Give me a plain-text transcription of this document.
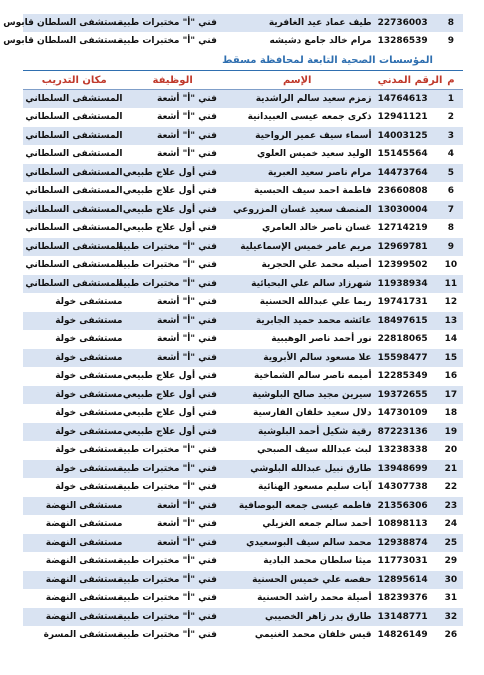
مستشفى السلطان قابوس	فني "أ" مختبرات طبية	طيف عماد عيد الغافرية	22736003	8
مستشفى السلطان قابوس	فني "أ" مختبرات طبية	مرام خالد جامع دشيشه	13286539	9
المؤسسات الصحية التابعة لمحافظة مسقط				
مكان التدريب	الوظيفة	الإسم	الرقم المدني	م
المستشفى السلطاني	فني "أ" أشعة	زمزم سعيد سالم الراشدية	14764613	1
المستشفى السلطاني	فني "أ" أشعة	ذكرى جمعه عيسى العبيدانية	12941121	2
المستشفى السلطاني	فني "أ" أشعة	أسماء سيف عمير الرواحية	14003125	3
المستشفى السلطاني	فني "أ" أشعة	الوليد سعيد خميس العلوي	15145564	4
المستشفى السلطاني	فني أول علاج طبيعي	مرام ناصر سعيد العبرية	14473764	5
المستشفى السلطاني	فني أول علاج طبيعي	فاطمة احمد سيف الحبسية	23660808	6
المستشفى السلطاني	فني أول علاج طبيعي	المنصف سعيد غسان المزروعي	13030004	7
المستشفى السلطاني	فني أول علاج طبيعي	غسان ناصر خالد العامري	12714219	8
المستشفى السلطاني	فني "أ" مختبرات طبية	مريم عامر خميس الإسماعيلية	12969781	9
المستشفى السلطاني	فني "أ" مختبرات طبية	أصيله محمد علي الحجرية	12399502	10
المستشفى السلطاني	فني "أ" مختبرات طبية	شهرزاد سالم علي البحيائية	11938934	11
مستشفى خولة	فني "أ" أشعة	ريما علي عبدالله الحسنية	19741731	12
مستشفى خولة	فني "أ" أشعة	عائشه محمد حميد الجابرية	18497615	13
مستشفى خولة	فني "أ" أشعة	نور أحمد ناصر الوهيبية	22818065	14
مستشفى خولة	فني "أ" أشعة	علا مسعود سالم الأبروية	15598477	15
مستشفى خولة	فني أول علاج طبيعي	أميمه ناصر سالم الشماخية	12285349	16
مستشفى خولة	فني أول علاج طبيعي	سيرين مجيد صالح البلوشية	19372655	17
مستشفى خولة	فني أول علاج طبيعي	دلال سعيد خلفان الفارسية	14730109	18
مستشفى خولة	فني أول علاج طبيعي	رقية شكيل أحمد البلوشية	87223136	19
مستشفى خولة	فني "أ" مختبرات طبية	لبث عبدالله سيف الصبحي	13238338	20
مستشفى خولة	فني "أ" مختبرات طبية	طارق نبيل عبدالله البلوشي	13948699	21
مستشفى خولة	فني "أ" مختبرات طبية	آيات سليم مسعود الهنائية	14307738	22
مستشفى النهضة	فني "أ" أشعة	فاطمه عيسى جمعه البوصافية	21356306	23
مستشفى النهضة	فني "أ" أشعة	أحمد سالم جمعه الغزيلي	10898113	24
مستشفى النهضة	فني "أ" أشعة	محمد سالم سيف البوسعيدي	12938874	25
مستشفى النهضة	فني "أ" مختبرات طبية	ميثا سلطان محمد البادية	11773031	29
مستشفى النهضة	فني "أ" مختبرات طبية	حفصه علي خميس الحسنية	12895614	30
مستشفى النهضة	فني "أ" مختبرات طبية	أصيلة محمد راشد الحسنية	18239376	31
مستشفى النهضة	فني "أ" مختبرات طبية	طارق بدر زاهر الخصيبي	13148771	32
مستشفى المسرة	فني "أ" مختبرات طبية	قيس خلفان محمد الغنيمي	14826149	26
